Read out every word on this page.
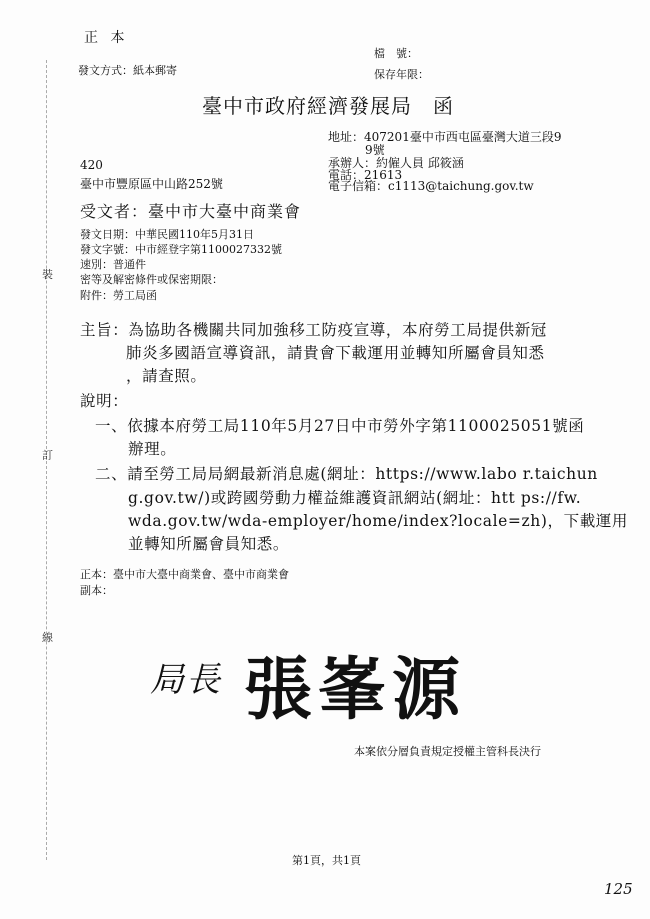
裝
訂
線
正 本
發文方式：紙本郵寄
檔　號：
保存年限：
臺中市政府經濟發展局　函
地址：407201臺中市西屯區臺灣大道三段9
9號
承辦人：約僱人員 邱筱涵
電話：21613
電子信箱：c1113@taichung.gov.tw
420
臺中市豐原區中山路252號
受文者：臺中市大臺中商業會
發文日期：中華民國110年5月31日
發文字號：中市經登字第1100027332號
速別：普通件
密等及解密條件或保密期限：
附件：勞工局函
主旨：為協助各機關共同加強移工防疫宣導，本府勞工局提供新冠
肺炎多國語宣導資訊，請貴會下載運用並轉知所屬會員知悉
，請查照。
說明：
一、依據本府勞工局110年5月27日中市勞外字第1100025051號函
辦理。
二、請至勞工局局網最新消息處(網址：https://www.labo r.taichun
g.gov.tw/)或跨國勞動力權益維護資訊網站(網址：htt ps://fw.
wda.gov.tw/wda-employer/home/index?locale=zh)，下載運用
並轉知所屬會員知悉。
正本：臺中市大臺中商業會、臺中市商業會
副本：
局長 張峯源
本案依分層負責規定授權主管科長決行
第1頁，共1頁
125
